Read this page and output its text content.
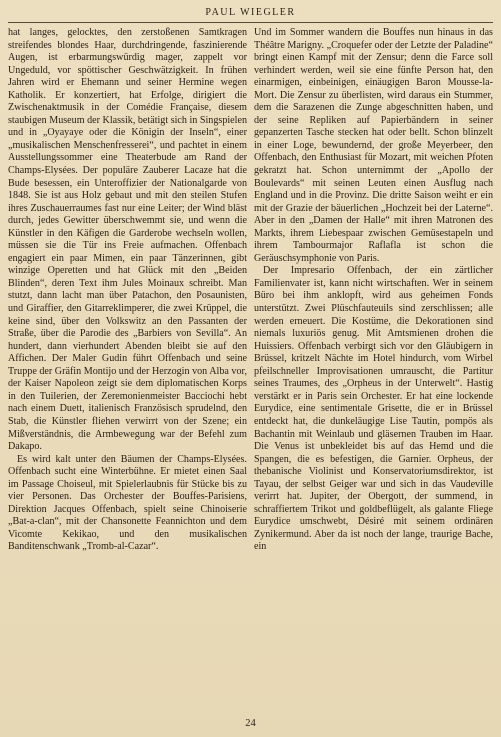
PAUL WIEGLER

hat langes, gelocktes, den zerstoßenen Samtkragen streifendes blondes Haar, durchdringende, faszinierende Augen, ist erbarmungswürdig mager, zappelt vor Ungeduld, vor spöttischer Geschwätzigkeit. In frühen Jahren wird er Ehemann und seiner Hermine wegen Katholik. Er konzertiert, hat Erfolge, dirigiert die Zwischenaktmusik in der Comédie Française, diesem staubigen Museum der Klassik, betätigt sich in Singspielen und in „Oyayaye oder die Königin der Inseln“, einer „musikalischen Menschenfresserei“, und pachtet in einem Ausstellungssommer eine Theaterbude am Rand der Champs-Elysées. Der populäre Zauberer Lacaze hat die Bude besessen, ein Unteroffizier der Nationalgarde von 1848. Sie ist aus Holz gebaut und mit den steilen Stufen ihres Zuschauerraumes fast nur eine Leiter; der Wind bläst durch, jedes Gewitter überschwemmt sie, und wenn die Künstler in den Käfigen die Garderobe wechseln wollen, müssen sie die Tür ins Freie aufmachen. Offenbach engagiert ein paar Mimen, ein paar Tänzerinnen, gibt winzige Operetten und hat Glück mit den „Beiden Blinden“, deren Text ihm Jules Moinaux schreibt. Man stutzt, dann lacht man über Patachon, den Posaunisten, und Giraffier, den Gitarreklimperer, die zwei Krüppel, die keine sind, über den Volkswitz an den Passanten der Straße, über die Parodie des „Barbiers von Sevilla“. An hundert, dann vierhundert Abenden bleibt sie auf den Affichen. Der Maler Gudin führt Offenbach und seine Truppe der Gräfin Montijo und der Herzogin von Alba vor, der Kaiser Napoleon zeigt sie dem diplomatischen Korps in den Tuilerien, der Zeremonienmeister Bacciochi hebt nach einem Duett, italienisch Französisch sprudelnd, den Stab, die Künstler fliehen verwirrt von der Szene; ein Mißverständnis, die Armbewegung war der Befehl zum Dakapo.

Es wird kalt unter den Bäumen der Champs-Elysées. Offenbach sucht eine Winterbühne. Er mietet einen Saal im Passage Choiseul, mit Spielerlaubnis für Stücke bis zu vier Personen. Das Orchester der Bouffes-Parisiens, Direktion Jacques Offenbach, spielt seine Chinoiserie „Bat-a-clan“, mit der Chansonette Feannichton und dem Vicomte Kekikao, und den musikalischen Banditenschwank „Tromb-al-Cazar“.

Und im Sommer wandern die Bouffes nun hinaus in das Théâtre Marigny. „Croquefer oder der Letzte der Paladine“ bringt einen Kampf mit der Zensur; denn die Farce soll verhindert werden, weil sie eine fünfte Person hat, den einarmigen, einbeinigen, einäugigen Baron Mousse-la-Mort. Die Zensur zu überlisten, wird daraus ein Stummer, dem die Sarazenen die Zunge abgeschnitten haben, und der seine Repliken auf Papierbändern in seiner gepanzerten Tasche stecken hat oder bellt. Schon blinzelt in einer Loge, bewundernd, der große Meyerbeer, den Offenbach, den Enthusiast für Mozart, mit weichen Pfoten gekratzt hat. Schon unternimmt der „Apollo der Boulevards“ mit seinen Leuten einen Ausflug nach England und in die Provinz. Die dritte Saison weiht er ein mit der Grazie der bäuerlichen „Hochzeit bei der Laterne“. Aber in den „Damen der Halle“ mit ihren Matronen des Markts, ihrem Liebespaar zwischen Gemüsestapeln und ihrem Tambourmajor Raflafla ist schon die Geräuschsymphonie von Paris.

Der Impresario Offenbach, der ein zärtlicher Familienvater ist, kann nicht wirtschaften. Wer in seinem Büro bei ihm anklopft, wird aus geheimen Fonds unterstützt. Zwei Plüschfauteuils sind zerschlissen; alle werden erneuert. Die Kostüme, die Dekorationen sind niemals luxuriös genug. Mit Amtsmienen drohen die Huissiers. Offenbach verbirgt sich vor den Gläubigern in Brüssel, kritzelt Nächte im Hotel hindurch, vom Wirbel pfeilschneller Improvisationen umrauscht, die Partitur seines Traumes, des „Orpheus in der Unterwelt“. Hastig verstärkt er in Paris sein Orchester. Er hat eine lockende Eurydice, eine sentimentale Grisette, die er in Brüssel entdeckt hat, die dunkeläugige Lise Tautin, pompös als Bachantin mit Weinlaub und gläsernen Trauben im Haar. Die Venus ist unbekleidet bis auf das Hemd und die Spangen, die es befestigen, die Garnier. Orpheus, der thebanische Violinist und Konservatoriumsdirektor, ist Tayau, der selbst Geiger war und sich in das Vaudeville verirrt hat. Jupiter, der Obergott, der summend, in schraffiertem Trikot und goldbeflügelt, als galante Fliege Eurydice umschwebt, Désiré mit seinem ordinären Zynikermund. Aber da ist noch der lange, traurige Bache, ein

24
